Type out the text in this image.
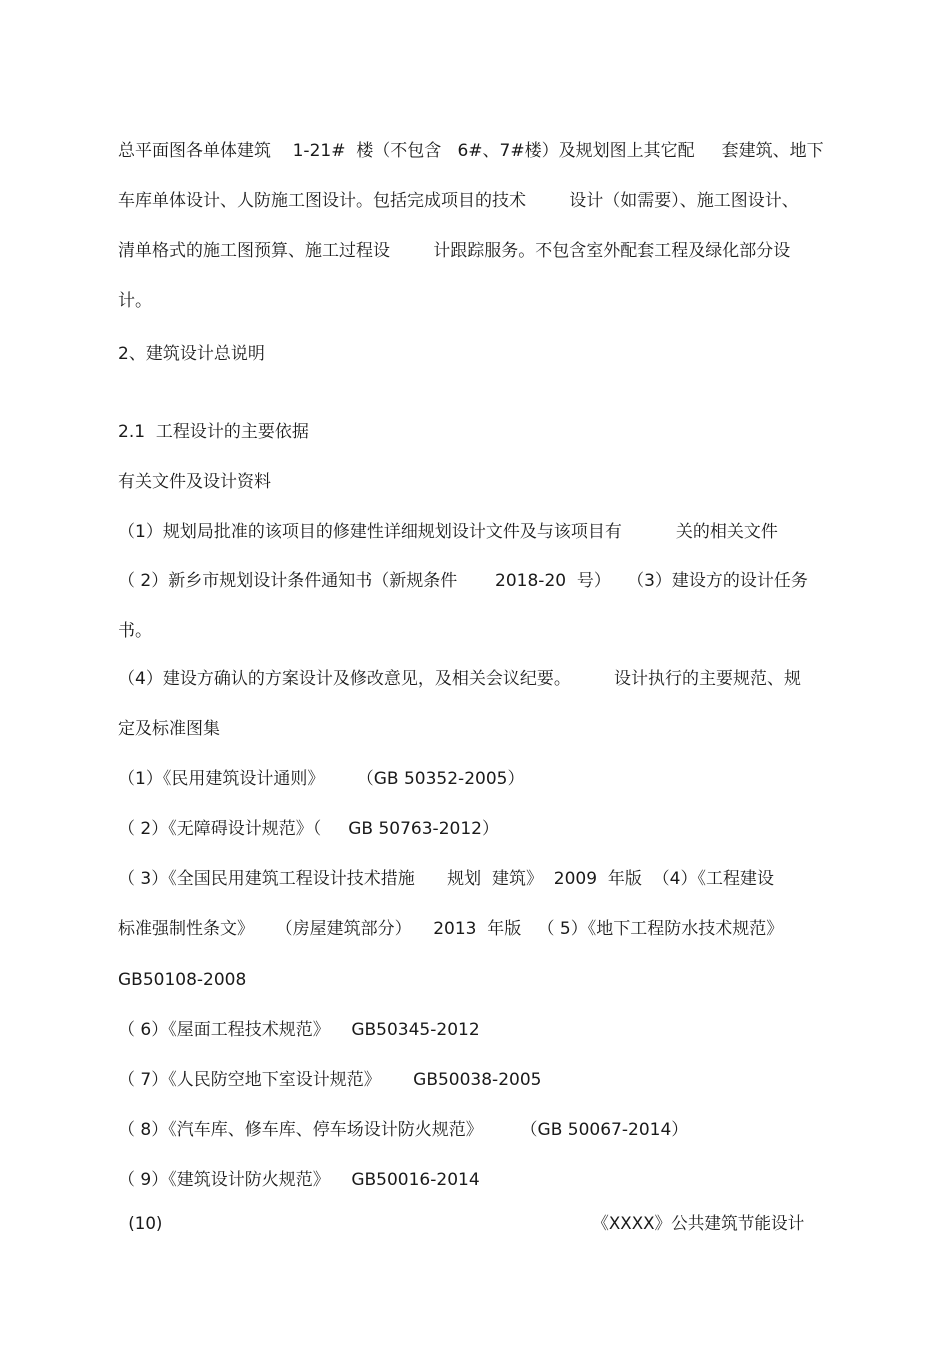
总平面图各单体建筑    1-21#  楼（不包含   6#、7#楼）及规划图上其它配     套建筑、地下
车库单体设计、人防施工图设计。包括完成项目的技术        设计（如需要）、施工图设计、
清单格式的施工图预算、施工过程设        计跟踪服务。不包含室外配套工程及绿化部分设
计。
2、建筑设计总说明
2.1  工程设计的主要依据
有关文件及设计资料
（1）规划局批准的该项目的修建性详细规划设计文件及与该项目有          关的相关文件
（ 2）新乡市规划设计条件通知书（新规条件       2018-20  号）   （3）建设方的设计任务
书。
（4）建设方确认的方案设计及修改意见，及相关会议纪要。        设计执行的主要规范、规
定及标准图集
（1）《民用建筑设计通则》      （GB 50352-2005）
（ 2）《无障碍设计规范》（     GB 50763-2012）
（ 3）《全国民用建筑工程设计技术措施      规划  建筑》  2009  年版  （4）《工程建设
标准强制性条文》    （房屋建筑部分）    2013  年版   （ 5）《地下工程防水技术规范》
GB50108-2008
（ 6）《屋面工程技术规范》    GB50345-2012
（ 7）《人民防空地下室设计规范》      GB50038-2005
（ 8）《汽车库、修车库、停车场设计防火规范》       （GB 50067-2014）
（ 9）《建筑设计防火规范》    GB50016-2014

(10)

	《XXXX》公共建筑节能设计
